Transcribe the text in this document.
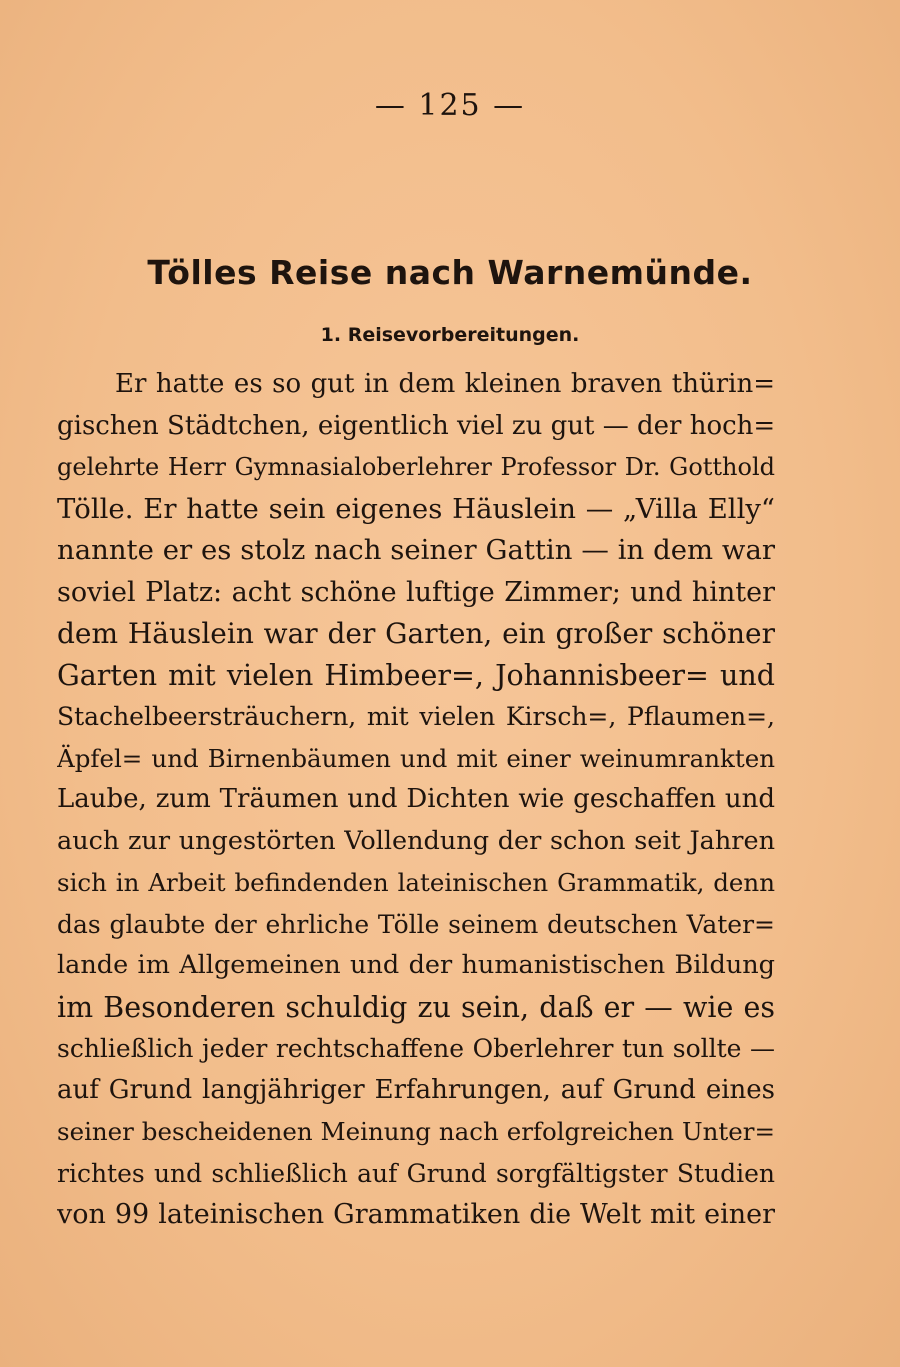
— 125 —
Tölles Reise nach Warnemünde.
1. Reisevorbereitungen.
Er hatte es so gut in dem kleinen braven thürin=
gischen Städtchen, eigentlich viel zu gut — der hoch=
gelehrte Herr Gymnasialoberlehrer Professor Dr. Gotthold
Tölle. Er hatte sein eigenes Häuslein — „Villa Elly“
nannte er es stolz nach seiner Gattin — in dem war
soviel Platz: acht schöne luftige Zimmer; und hinter
dem Häuslein war der Garten, ein großer schöner
Garten mit vielen Himbeer=, Johannisbeer= und
Stachelbeersträuchern, mit vielen Kirsch=, Pflaumen=,
Äpfel= und Birnenbäumen und mit einer weinumrankten
Laube, zum Träumen und Dichten wie geschaffen und
auch zur ungestörten Vollendung der schon seit Jahren
sich in Arbeit befindenden lateinischen Grammatik, denn
das glaubte der ehrliche Tölle seinem deutschen Vater=
lande im Allgemeinen und der humanistischen Bildung
im Besonderen schuldig zu sein, daß er — wie es
schließlich jeder rechtschaffene Oberlehrer tun sollte —
auf Grund langjähriger Erfahrungen, auf Grund eines
seiner bescheidenen Meinung nach erfolgreichen Unter=
richtes und schließlich auf Grund sorgfältigster Studien
von 99 lateinischen Grammatiken die Welt mit einer
